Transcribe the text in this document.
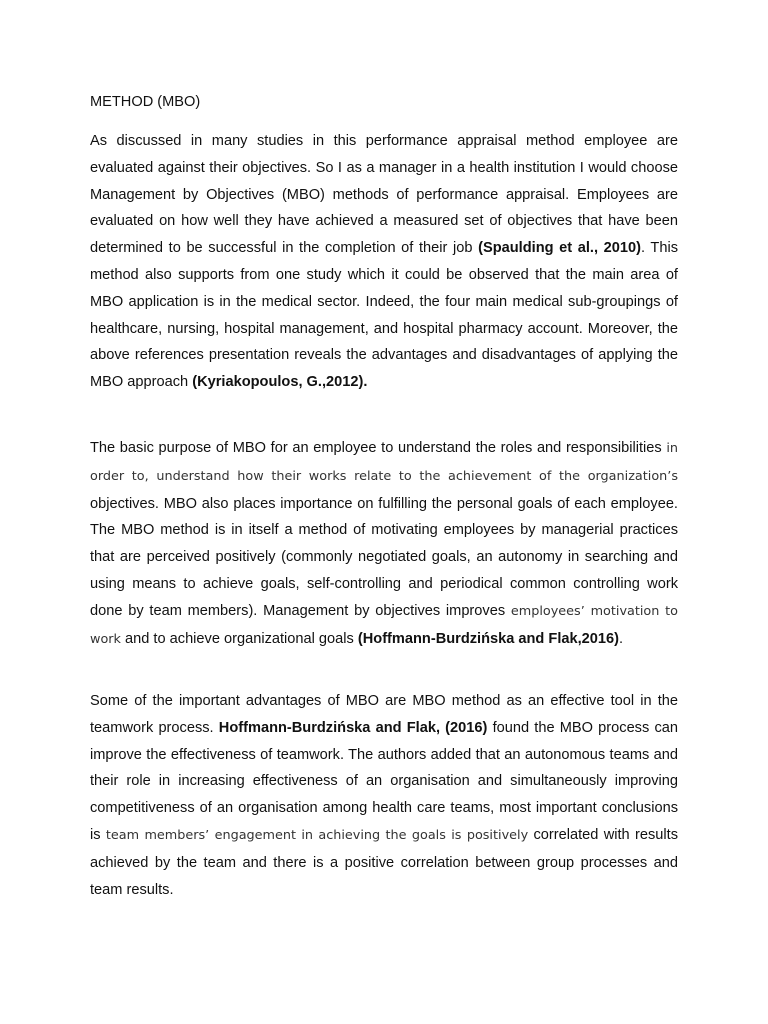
METHOD (MBO)

As discussed in many studies in this performance appraisal method employee are evaluated against their objectives. So I as a manager in a health institution I would choose Management by Objectives (MBO) methods of performance appraisal. Employees are evaluated on how well they have achieved a measured set of objectives that have been determined to be successful in the completion of their job (Spaulding et al., 2010). This method also supports from one study which it could be observed that the main area of MBO application is in the medical sector. Indeed, the four main medical sub-groupings of healthcare, nursing, hospital management, and hospital pharmacy account. Moreover, the above references presentation reveals the advantages and disadvantages of applying the MBO approach (Kyriakopoulos, G.,2012).

The basic purpose of MBO for an employee to understand the roles and responsibilities in order to, understand how their works relate to the achievement of the organization’s objectives. MBO also places importance on fulfilling the personal goals of each employee. The MBO method is in itself a method of motivating employees by managerial practices that are perceived positively (commonly negotiated goals, an autonomy in searching and using means to achieve goals, self-controlling and periodical common controlling work done by team members). Management by objectives improves employees’ motivation to work and to achieve organizational goals (Hoffmann-Burdzińska and Flak,2016).

Some of the important advantages of MBO are MBO method as an effective tool in the teamwork process. Hoffmann-Burdzińska and Flak, (2016) found the MBO process can improve the effectiveness of teamwork. The authors added that an autonomous teams and their role in increasing effectiveness of an organisation and simultaneously improving competitiveness of an organisation among health care teams, most important conclusions is team members’ engagement in achieving the goals is positively correlated with results achieved by the team and there is a positive correlation between group processes and team results.
